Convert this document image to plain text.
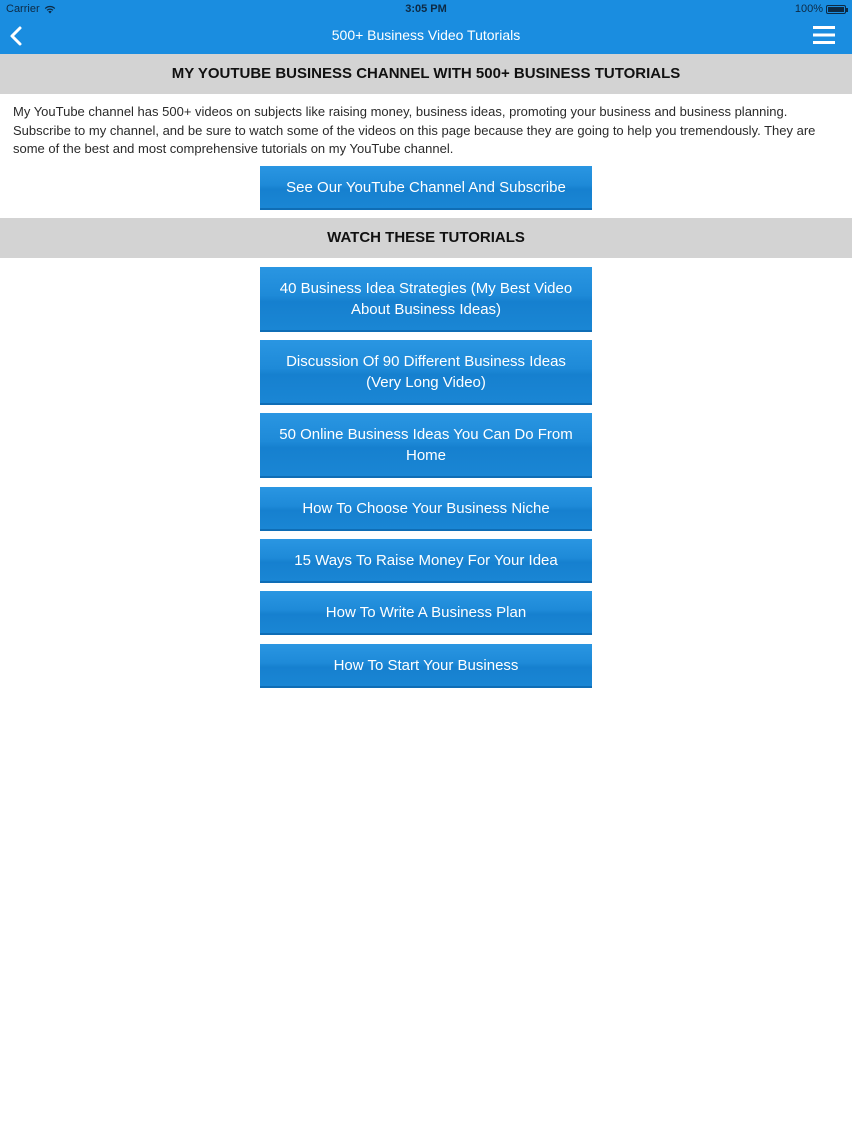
Carrier	3:05 PM	100%
500+ Business Video Tutorials
MY YOUTUBE BUSINESS CHANNEL WITH 500+ BUSINESS TUTORIALS

My YouTube channel has 500+ videos on subjects like raising money, business ideas, promoting your business and business planning. Subscribe to my channel, and be sure to watch some of the videos on this page because they are going to help you tremendously. They are some of the best and most comprehensive tutorials on my YouTube channel.

See Our YouTube Channel And Subscribe
WATCH THESE TUTORIALS
40 Business Idea Strategies (My Best Video About Business Ideas)
Discussion Of 90 Different Business Ideas (Very Long Video)
50 Online Business Ideas You Can Do From Home
How To Choose Your Business Niche
15 Ways To Raise Money For Your Idea
How To Write A Business Plan
How To Start Your Business
